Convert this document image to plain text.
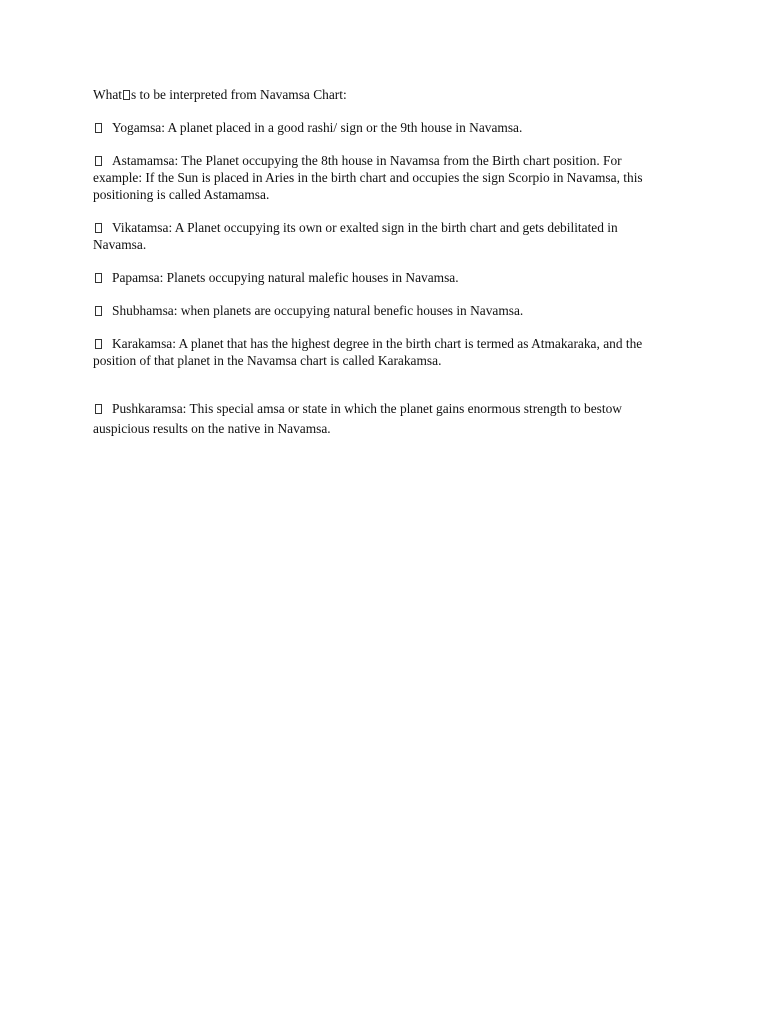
What s to be interpreted from Navamsa Chart:
Yogamsa: A planet placed in a good rashi/ sign or the 9th house in Navamsa.
Astamamsa: The Planet occupying the 8th house in Navamsa from the Birth chart position. For example: If the Sun is placed in Aries in the birth chart and occupies the sign Scorpio in Navamsa, this positioning is called Astamamsa.
Vikatamsa: A Planet occupying its own or exalted sign in the birth chart and gets debilitated in Navamsa.
Papamsa: Planets occupying natural malefic houses in Navamsa.
Shubhamsa: when planets are occupying natural benefic houses in Navamsa.
Karakamsa: A planet that has the highest degree in the birth chart is termed as Atmakaraka, and the position of that planet in the Navamsa chart is called Karakamsa.
Pushkaramsa: This special amsa or state in which the planet gains enormous strength to bestow auspicious results on the native in Navamsa.
